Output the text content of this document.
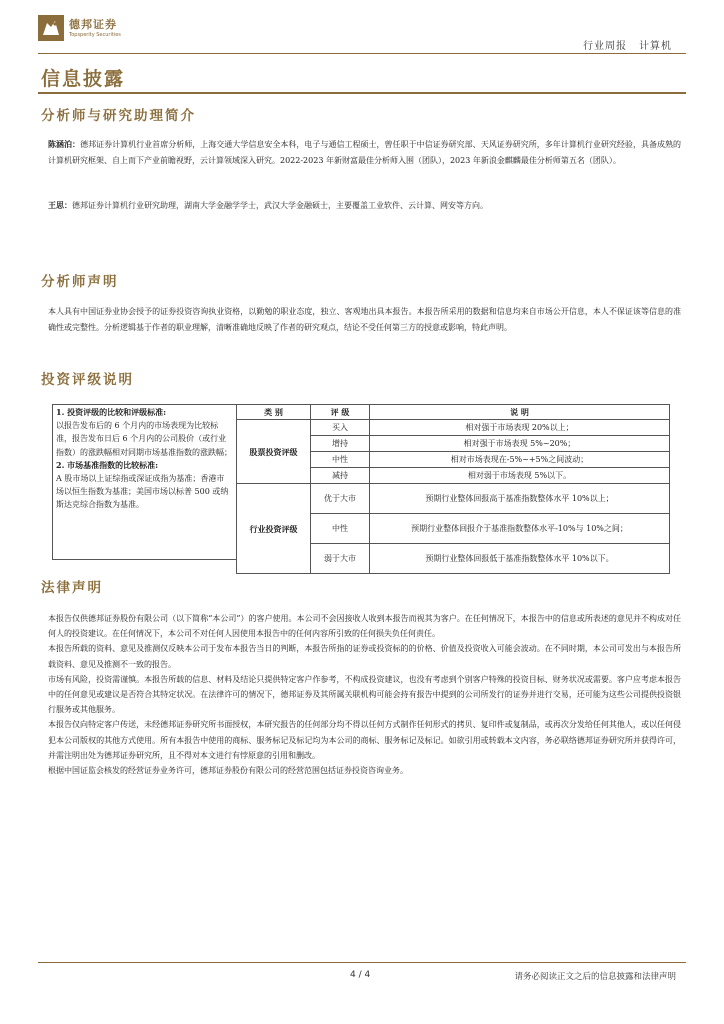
德邦证券
Topsperity Securities
行业周报 计算机
信息披露
分析师与研究助理简介
陈涵泊：德邦证券计算机行业首席分析师，上海交通大学信息安全本科，电子与通信工程硕士，曾任职于中信证券研究部、天风证券研究所，多年计算机行业研究经验，具备成熟的计算机研究框架、自上而下产业前瞻视野，云计算领域深入研究。2022-2023 年新财富最佳分析师入围（团队），2023 年新浪金麒麟最佳分析师第五名（团队）。
王思：德邦证券计算机行业研究助理，湖南大学金融学学士，武汉大学金融硕士，主要覆盖工业软件、云计算、网安等方向。
分析师声明
本人具有中国证券业协会授予的证券投资咨询执业资格，以勤勉的职业态度，独立、客观地出具本报告。本报告所采用的数据和信息均来自市场公开信息，本人不保证该等信息的准确性或完整性。分析逻辑基于作者的职业理解，清晰准确地反映了作者的研究观点，结论不受任何第三方的授意或影响，特此声明。
投资评级说明
1. 投资评级的比较和评级标准:
以报告发布后的 6 个月内的市场表现为比较标准，报告发布日后 6 个月内的公司股价（或行业指数）的涨跌幅相对同期市场基准指数的涨跌幅；
2. 市场基准指数的比较标准:
A 股市场以上证综指或深证成指为基准；香港市场以恒生指数为基准；美国市场以标普 500 或纳斯达克综合指数为基准。
类 别	评 级	说 明
股票投资评级	买入	相对强于市场表现 20%以上；
	增持	相对强于市场表现 5%~20%；
	中性	相对市场表现在-5%~+5%之间波动；
	减持	相对弱于市场表现 5%以下。
行业投资评级	优于大市	预期行业整体回报高于基准指数整体水平 10%以上；
	中性	预期行业整体回报介于基准指数整体水平-10%与 10%之间；
	弱于大市	预期行业整体回报低于基准指数整体水平 10%以下。
法律声明
本报告仅供德邦证券股份有限公司（以下简称“本公司”）的客户使用。本公司不会因接收人收到本报告而视其为客户。在任何情况下，本报告中的信息或所表述的意见并不构成对任何人的投资建议。在任何情况下，本公司不对任何人因使用本报告中的任何内容所引致的任何损失负任何责任。
本报告所载的资料、意见及推测仅反映本公司于发布本报告当日的判断，本报告所指的证券或投资标的的价格、价值及投资收入可能会波动。在不同时期，本公司可发出与本报告所载资料、意见及推测不一致的报告。
市场有风险，投资需谨慎。本报告所载的信息、材料及结论只提供特定客户作参考，不构成投资建议，也没有考虑到个别客户特殊的投资目标、财务状况或需要。客户应考虑本报告中的任何意见或建议是否符合其特定状况。在法律许可的情况下，德邦证券及其所属关联机构可能会持有报告中提到的公司所发行的证券并进行交易，还可能为这些公司提供投资银行服务或其他服务。
本报告仅向特定客户传送，未经德邦证券研究所书面授权，本研究报告的任何部分均不得以任何方式制作任何形式的拷贝、复印件或复制品，或再次分发给任何其他人，或以任何侵犯本公司版权的其他方式使用。所有本报告中使用的商标、服务标记及标记均为本公司的商标、服务标记及标记。如欲引用或转载本文内容，务必联络德邦证券研究所并获得许可，并需注明出处为德邦证券研究所，且不得对本文进行有悖原意的引用和删改。
根据中国证监会核发的经营证券业务许可，德邦证券股份有限公司的经营范围包括证券投资咨询业务。
4 / 4	请务必阅读正文之后的信息披露和法律声明
